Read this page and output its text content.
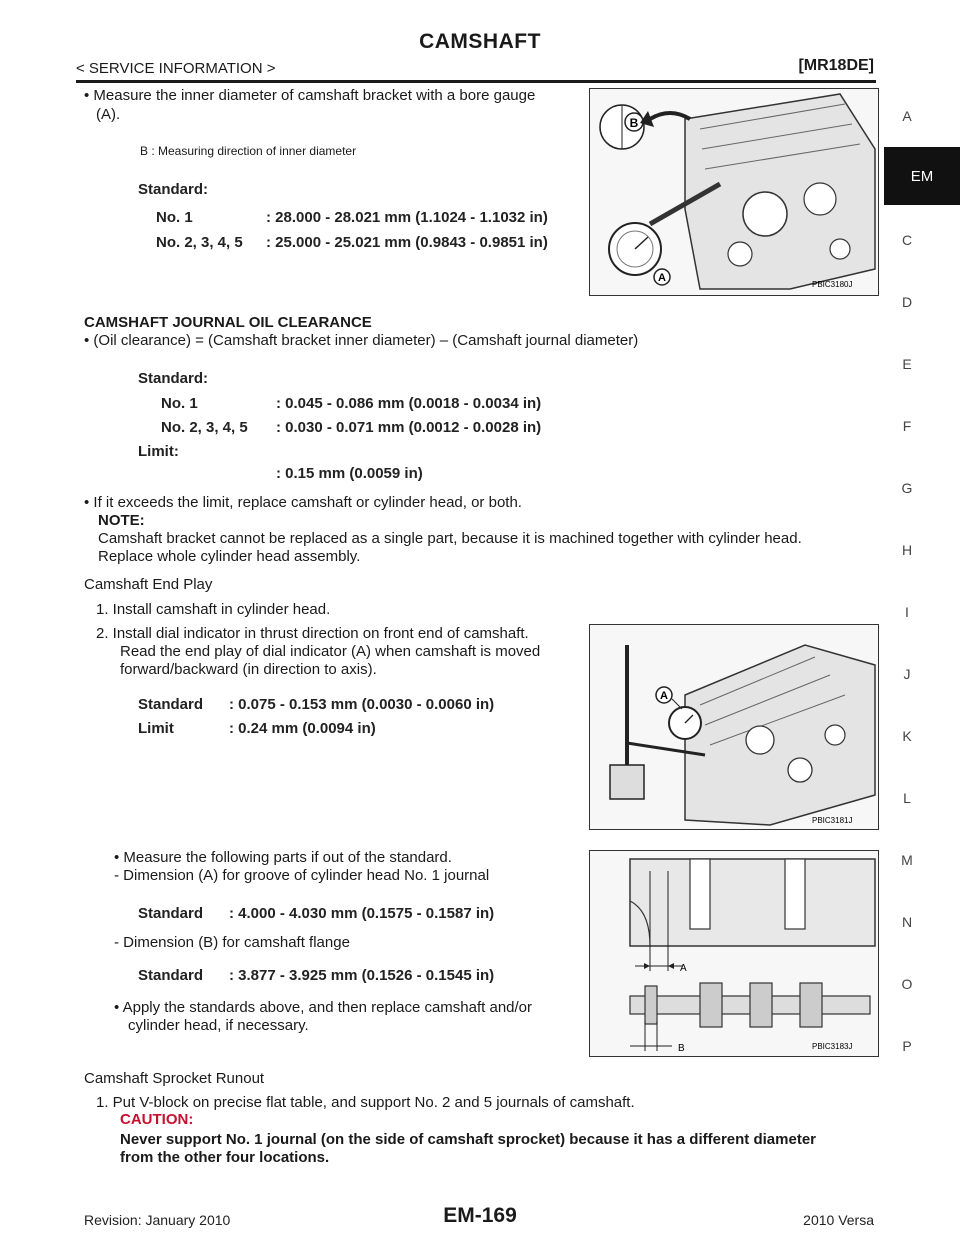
CAMSHAFT
< SERVICE INFORMATION >	[MR18DE]
EM
A
C
D
E
F
G
H
I
J
K
L
M
N
O
P
• Measure the inner diameter of camshaft bracket with a bore gauge
(A).
B : Measuring direction of inner diameter
Standard:
No. 1	: 28.000 - 28.021 mm (1.1024 - 1.1032 in)
No. 2, 3, 4, 5 : 25.000 - 25.021 mm (0.9843 - 0.9851 in)
B
A
PBIC3180J
CAMSHAFT JOURNAL OIL CLEARANCE
• (Oil clearance) = (Camshaft bracket inner diameter) – (Camshaft journal diameter)
Standard:
No. 1	: 0.045 - 0.086 mm (0.0018 - 0.0034 in)
No. 2, 3, 4, 5 : 0.030 - 0.071 mm (0.0012 - 0.0028 in)
Limit:
: 0.15 mm (0.0059 in)
• If it exceeds the limit, replace camshaft or cylinder head, or both.
NOTE:
Camshaft bracket cannot be replaced as a single part, because it is machined together with cylinder head.
Replace whole cylinder head assembly.
Camshaft End Play
1. Install camshaft in cylinder head.
2. Install dial indicator in thrust direction on front end of camshaft.
Read the end play of dial indicator (A) when camshaft is moved
forward/backward (in direction to axis).
Standard : 0.075 - 0.153 mm (0.0030 - 0.0060 in)
Limit	: 0.24 mm (0.0094 in)
A
PBIC3181J
• Measure the following parts if out of the standard.
- Dimension (A) for groove of cylinder head No. 1 journal
Standard : 4.000 - 4.030 mm (0.1575 - 0.1587 in)
- Dimension (B) for camshaft flange
Standard : 3.877 - 3.925 mm (0.1526 - 0.1545 in)
• Apply the standards above, and then replace camshaft and/or
cylinder head, if necessary.
A
B	PBIC3183J
Camshaft Sprocket Runout
1. Put V-block on precise flat table, and support No. 2 and 5 journals of camshaft.
CAUTION:
Never support No. 1 journal (on the side of camshaft sprocket) because it has a different diameter
from the other four locations.
Revision: January 2010	EM-169	2010 Versa
